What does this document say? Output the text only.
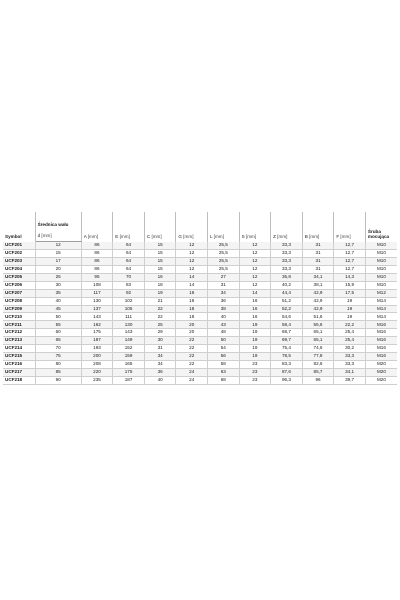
Symbol	Średnica wału	A [mm]	E [mm]	C [mm]	G [mm]	L [mm]	S [mm]	Z [mm]	B [mm]	F [mm]	Śruba
mocująca

	d [mm]										
UCF201	12	86	64	15	12	25,5	12	33,3	31	12,7	M10
UCF202	15	86	64	15	12	25,5	12	33,3	31	12,7	M10
UCF203	17	86	64	15	12	25,5	12	33,3	31	12,7	M10
UCF204	20	86	64	15	12	25,5	12	33,3	31	12,7	M10
UCF205	25	95	70	16	14	27	12	35,8	34,1	14,3	M10
UCF206	30	108	83	18	14	31	12	40,2	38,1	15,9	M10
UCF207	35	117	92	19	16	34	14	44,4	42,9	17,5	M12
UCF208	40	130	102	21	16	36	16	51,2	42,9	19	M14
UCF209	45	137	105	22	18	38	16	52,2	42,9	19	M14
UCF210	50	143	111	22	18	40	16	54,6	51,6	19	M14
UCF211	55	162	130	25	20	43	19	58,4	55,6	22,2	M16
UCF212	60	175	143	29	20	48	19	68,7	65,1	25,4	M16
UCF213	65	187	149	30	22	50	19	69,7	65,1	25,4	M16
UCF214	70	193	152	31	22	54	19	75,4	74,6	30,2	M16
UCF215	75	200	159	34	22	56	19	78,5	77,8	33,3	M16
UCF216	80	208	165	34	22	58	23	83,3	82,6	33,3	M20
UCF217	85	220	175	36	24	63	23	87,6	85,7	34,1	M20
UCF218	90	235	187	40	24	68	23	96,3	96	39,7	M20
